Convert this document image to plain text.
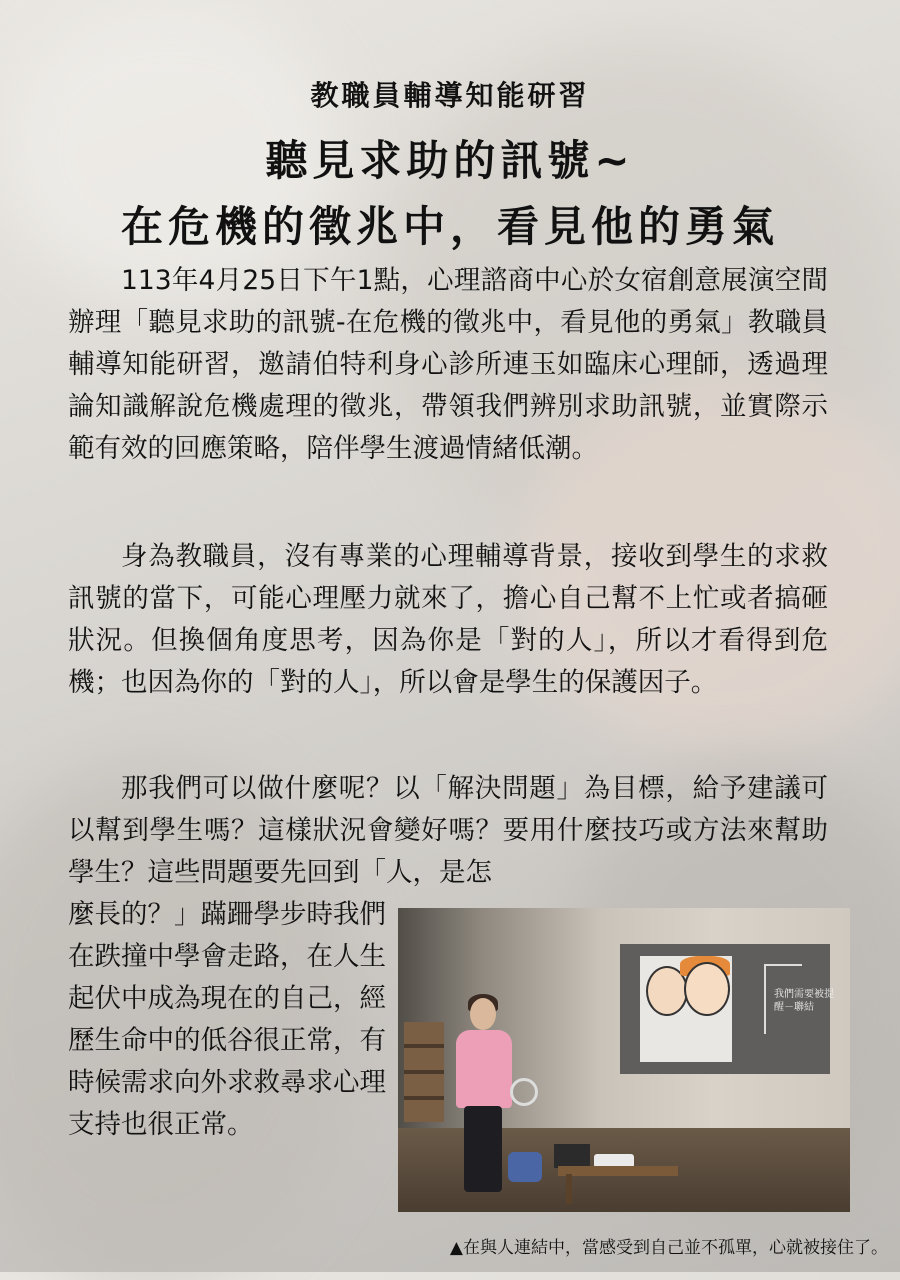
教職員輔導知能研習
聽見求助的訊號~
在危機的徵兆中，看見他的勇氣

113年4月25日下午1點，心理諮商中心於女宿創意展演空間辦理「聽見求助的訊號-在危機的徵兆中，看見他的勇氣」教職員輔導知能研習，邀請伯特利身心診所連玉如臨床心理師，透過理論知識解說危機處理的徵兆，帶領我們辨別求助訊號，並實際示範有效的回應策略，陪伴學生渡過情緒低潮。

身為教職員，沒有專業的心理輔導背景，接收到學生的求救訊號的當下，可能心理壓力就來了，擔心自己幫不上忙或者搞砸狀況。但換個角度思考，因為你是「對的人」，所以才看得到危機；也因為你的「對的人」，所以會是學生的保護因子。

那我們可以做什麼呢？以「解決問題」為目標，給予建議可以幫到學生嗎？這樣狀況會變好嗎？要用什麼技巧或方法來幫助學生？這些問題要先回到「人，是怎

麼長的？」蹣跚學步時我們在跌撞中學會走路，在人生起伏中成為現在的自己，經歷生命中的低谷很正常，有時候需求向外求救尋求心理支持也很正常。

我們需要被提醒－聯結
▲在與人連結中，當感受到自己並不孤單，心就被接住了。
